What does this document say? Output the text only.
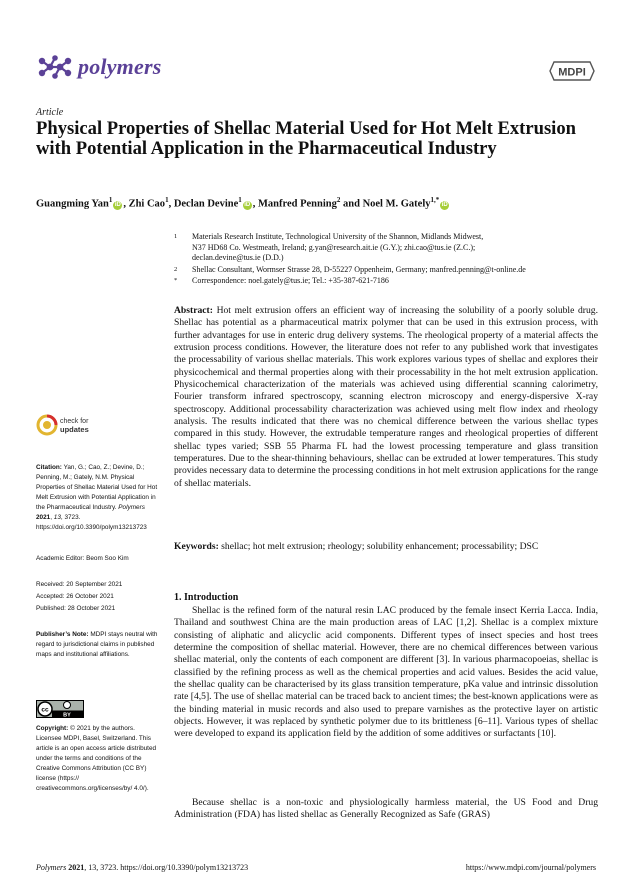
polymers	MDPI
Article
Physical Properties of Shellac Material Used for Hot Melt Extrusion with Potential Application in the Pharmaceutical Industry
Guangming Yan$^1$iD , Zhi Cao$^1$, Declan Devine$^1$iD , Manfred Penning$^2$ and Noel M. Gately$^{1,*}$iD
1 Materials Research Institute, Technological University of the Shannon, Midlands Midwest,
N37 HD68 Co. Westmeath, Ireland; g.yan@research.ait.ie (G.Y.); zhi.cao@tus.ie (Z.C.);
declan.devine@tus.ie (D.D.)
2 Shellac Consultant, Wormser Strasse 28, D-55227 Oppenheim, Germany; manfred.penning@t-online.de
* Correspondence: noel.gately@tus.ie; Tel.: +35-387-621-7186
Abstract: Hot melt extrusion offers an efficient way of increasing the solubility of a poorly soluble drug. Shellac has potential as a pharmaceutical matrix polymer that can be used in this extrusion process, with further advantages for use in enteric drug delivery systems. The rheological property of a material affects the extrusion process conditions. However, the literature does not refer to any published work that investigates the processability of various shellac materials. This work explores various types of shellac and explores their physicochemical and thermal properties along with their processability in the hot melt extrusion application. Physicochemical characterization of the materials was achieved using differential scanning calorimetry, Fourier transform infrared spectroscopy, scanning electron microscopy and energy-dispersive X-ray spectroscopy. Additional processability characterization was achieved using melt flow index and rheology analysis. The results indicated that there was no chemical difference between the various shellac types compared in this study. However, the extrudable temperature ranges and rheological properties of different shellac types varied; SSB 55 Pharma FL had the lowest processing temperature and glass transition temperatures. Due to the shear-thinning behaviours, shellac can be extruded at lower temperatures. This study provides necessary data to determine the processing conditions in hot melt extrusion applications for the range of shellac materials.
Keywords: shellac; hot melt extrusion; rheology; solubility enhancement; processability; DSC
check for
updates
Citation: Yan, G.; Cao, Z.; Devine, D.; Penning, M.; Gately, N.M. Physical Properties of Shellac Material Used for Hot Melt Extrusion with Potential Application in the Pharmaceutical Industry. Polymers 2021, 13, 3723. https://doi.org/10.3390/polym13213723
Academic Editor: Beom Soo Kim
Received: 20 September 2021
Accepted: 26 October 2021
Published: 28 October 2021
Publisher’s Note: MDPI stays neutral with regard to jurisdictional claims in published maps and institutional affiliations.
cc
BY
Copyright: © 2021 by the authors. Licensee MDPI, Basel, Switzerland. This article is an open access article distributed under the terms and conditions of the Creative Commons Attribution (CC BY) license (https:// creativecommons.org/licenses/by/ 4.0/).
1. Introduction
Shellac is the refined form of the natural resin LAC produced by the female insect Kerria Lacca. India, Thailand and southwest China are the main production areas of LAC [1,2]. Shellac is a complex mixture consisting of aliphatic and alicyclic acid components. Different types of insect species and host trees determine the composition of shellac material. However, there are no chemical differences between various shellac material, only the contents of each component are different [3]. In various pharmacopoeias, shellac is classified by the refining process as well as the chemical properties and acid values. Besides the acid value, the shellac quality can be characterised by its glass transition temperature, pKa value and intrinsic dissolution rate [4,5]. The use of shellac material can be traced back to ancient times; the best-known applications were as the binding material in music records and also used to prepare varnishes as the protective layer on artistic objects. However, it was replaced by synthetic polymer due to its brittleness [6–11]. Various types of shellac were developed to expand its application field by the addition of some additives or surfactants [10].
Because shellac is a non-toxic and physiologically harmless material, the US Food and Drug Administration (FDA) has listed shellac as Generally Recognized as Safe (GRAS)
Polymers 2021, 13, 3723. https://doi.org/10.3390/polym13213723	https://www.mdpi.com/journal/polymers
